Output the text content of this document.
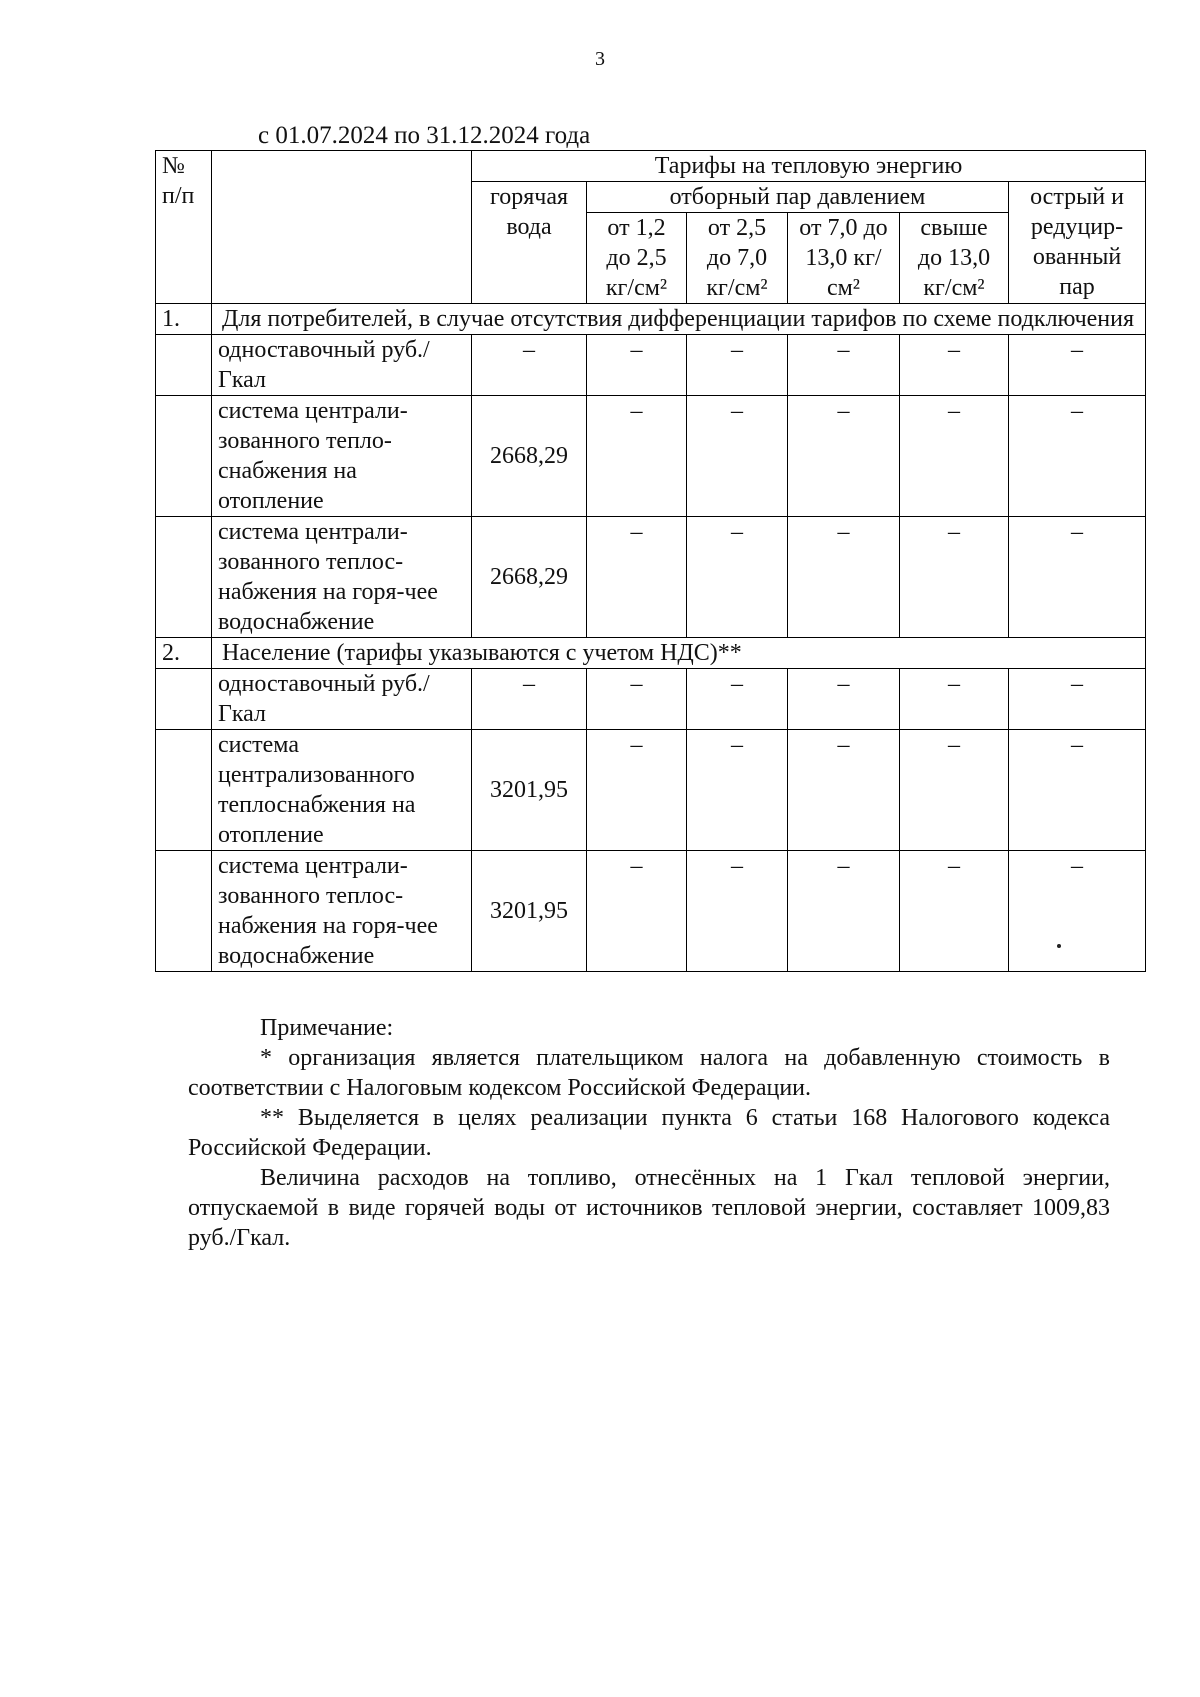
3
с 01.07.2024 по 31.12.2024 года
№ п/п		Тарифы на тепловую энергию					
		горячая вода	отборный пар давлением				острый и редуцир-ованный пар
			от 1,2 до 2,5 кг/см²	от 2,5 до 7,0 кг/см²	от 7,0 до 13,0 кг/см²	свыше до 13,0 кг/см²	
1.	Для потребителей, в случае отсутствия дифференциации тарифов по схеме подключения						
	одноставочный руб./Гкал	–	–	–	–	–	–
	система централи-зованного тепло-снабжения на отопление	2668,29	–	–	–	–	–
	система централи-зованного теплос-набжения на горя-чее водоснабжение	2668,29	–	–	–	–	–
2.	Население (тарифы указываются с учетом НДС)**						
	одноставочный руб./Гкал	–	–	–	–	–	–
	система централизованного теплоснабжения на отопление	3201,95	–	–	–	–	–
	система централи-зованного теплос-набжения на горя-чее водоснабжение	3201,95	–	–	–	–	–

Примечание:

* организация является плательщиком налога на добавленную стоимость в соответствии с Налоговым кодексом Российской Федерации.

** Выделяется в целях реализации пункта 6 статьи 168 Налогового кодекса Российской Федерации.

Величина расходов на топливо, отнесённых на 1 Гкал тепловой энергии, отпускаемой в виде горячей воды от источников тепловой энергии, составляет 1009,83 руб./Гкал.
